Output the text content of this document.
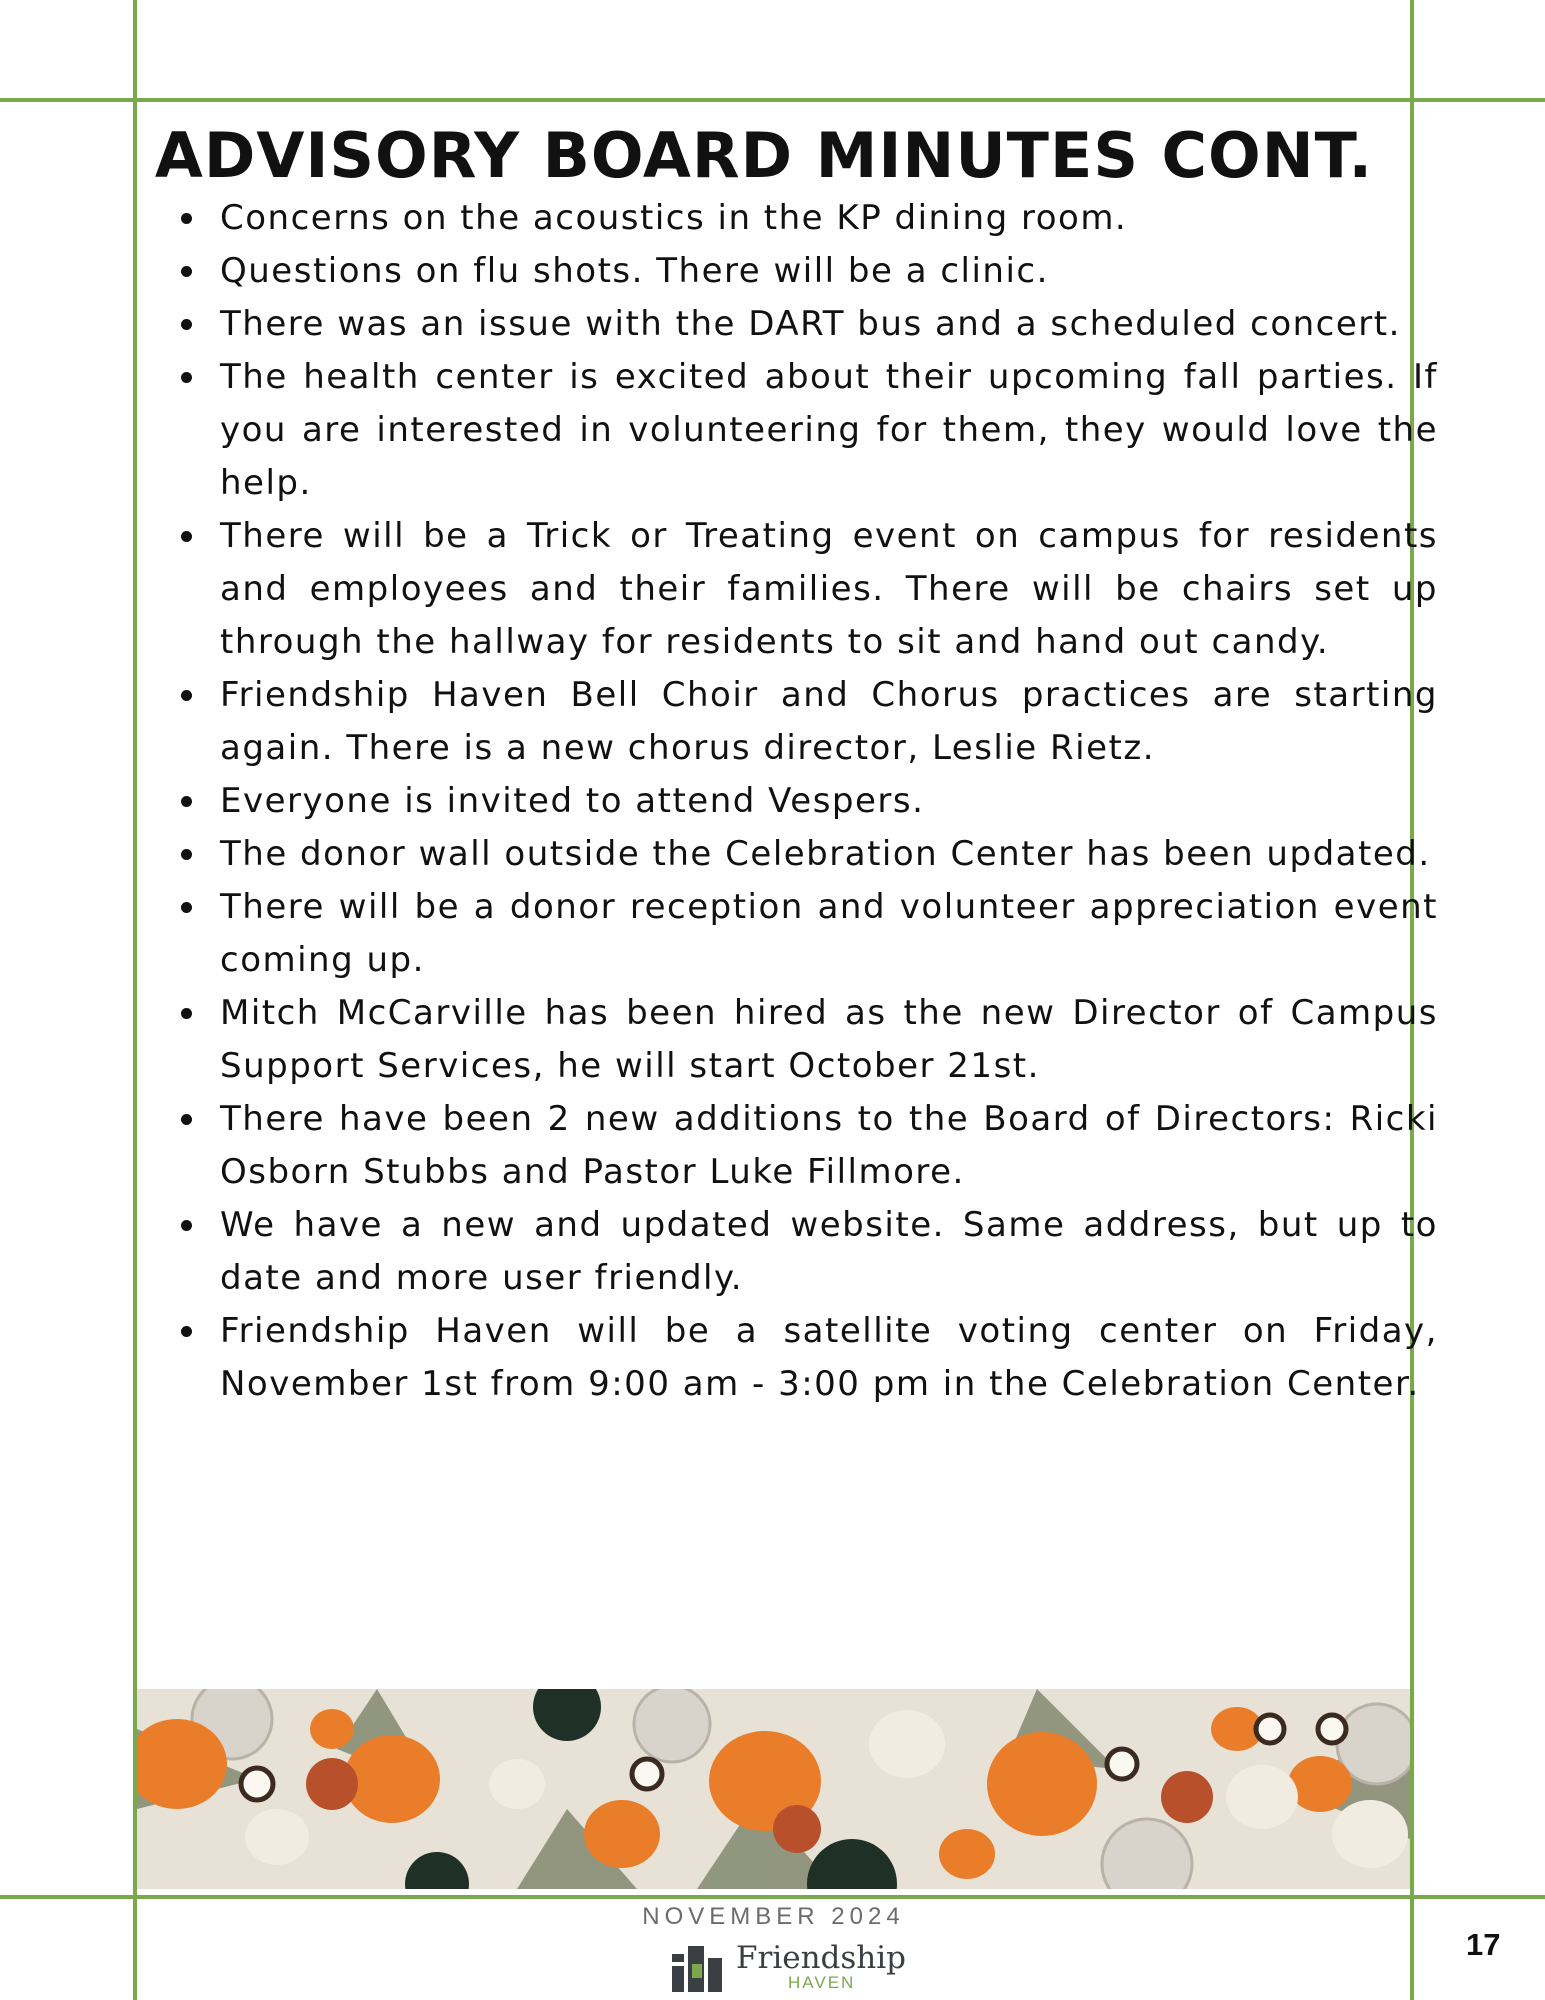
ADVISORY BOARD MINUTES CONT.
Concerns on the acoustics in the KP dining room.
Questions on flu shots. There will be a clinic.
There was an issue with the DART bus and a scheduled concert.
The health center is excited about their upcoming fall parties. If you are interested in volunteering for them, they would love the help.
There will be a Trick or Treating event on campus for residents and employees and their families. There will be chairs set up through the hallway for residents to sit and hand out candy.
Friendship Haven Bell Choir and Chorus practices are starting again. There is a new chorus director, Leslie Rietz.
Everyone is invited to attend Vespers.
The donor wall outside the Celebration Center has been updated.
There will be a donor reception and volunteer appreciation event coming up.
Mitch McCarville has been hired as the new Director of Campus Support Services, he will start October 21st.
There have been 2 new additions to the Board of Directors: Ricki Osborn Stubbs and Pastor Luke Fillmore.
We have a new and updated website. Same address, but up to date and more user friendly.
Friendship Haven will be a satellite voting center on Friday, November 1st from 9:00 am - 3:00 pm in the Celebration Center.
NOVEMBER 2024
Friendship
HAVEN
17
